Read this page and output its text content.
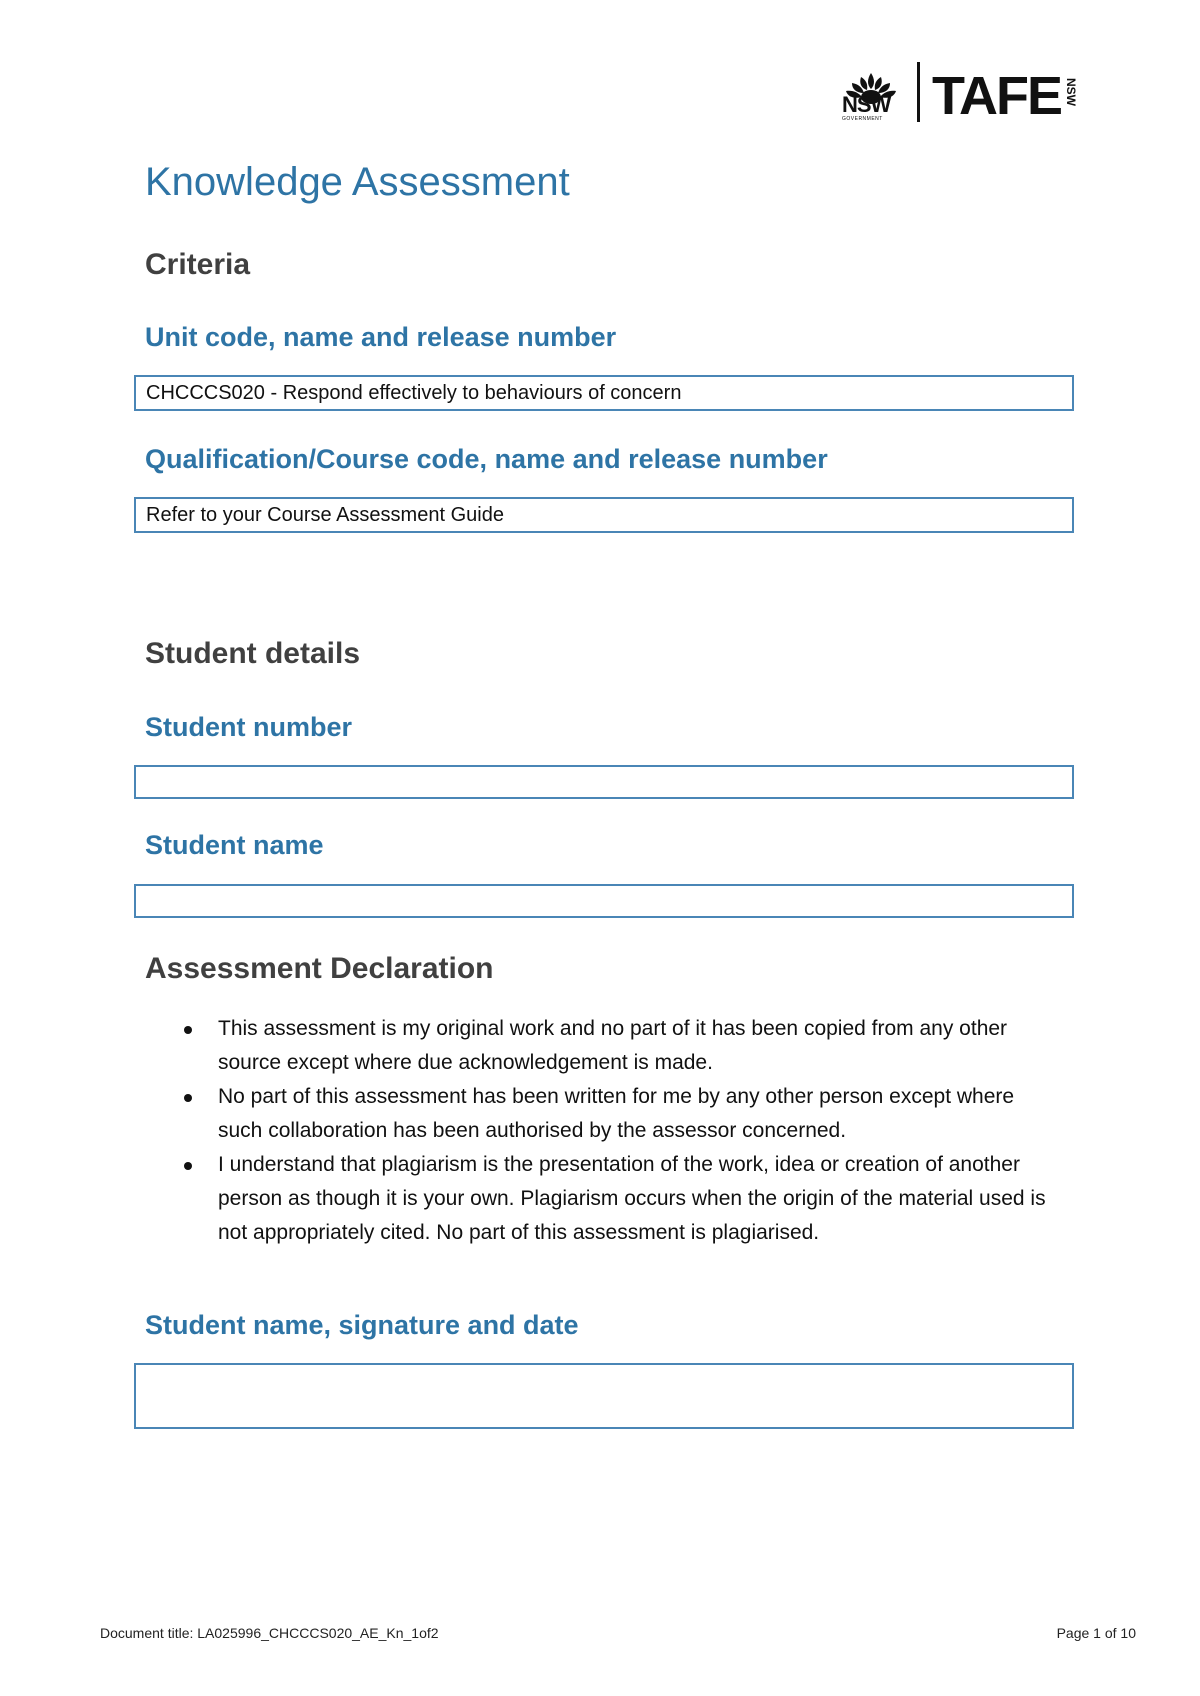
NSW
GOVERNMENT TAFE NSW
Knowledge Assessment
Criteria
Unit code, name and release number
CHCCCS020 - Respond effectively to behaviours of concern
Qualification/Course code, name and release number
Refer to your Course Assessment Guide
Student details
Student number
Student name
Assessment Declaration
This assessment is my original work and no part of it has been copied from any other source except where due acknowledgement is made.
No part of this assessment has been written for me by any other person except where such collaboration has been authorised by the assessor concerned.
I understand that plagiarism is the presentation of the work, idea or creation of another person as though it is your own. Plagiarism occurs when the origin of the material used is not appropriately cited. No part of this assessment is plagiarised.
Student name, signature and date
Document title: LA025996_CHCCCS020_AE_Kn_1of2	Page 1 of 10
